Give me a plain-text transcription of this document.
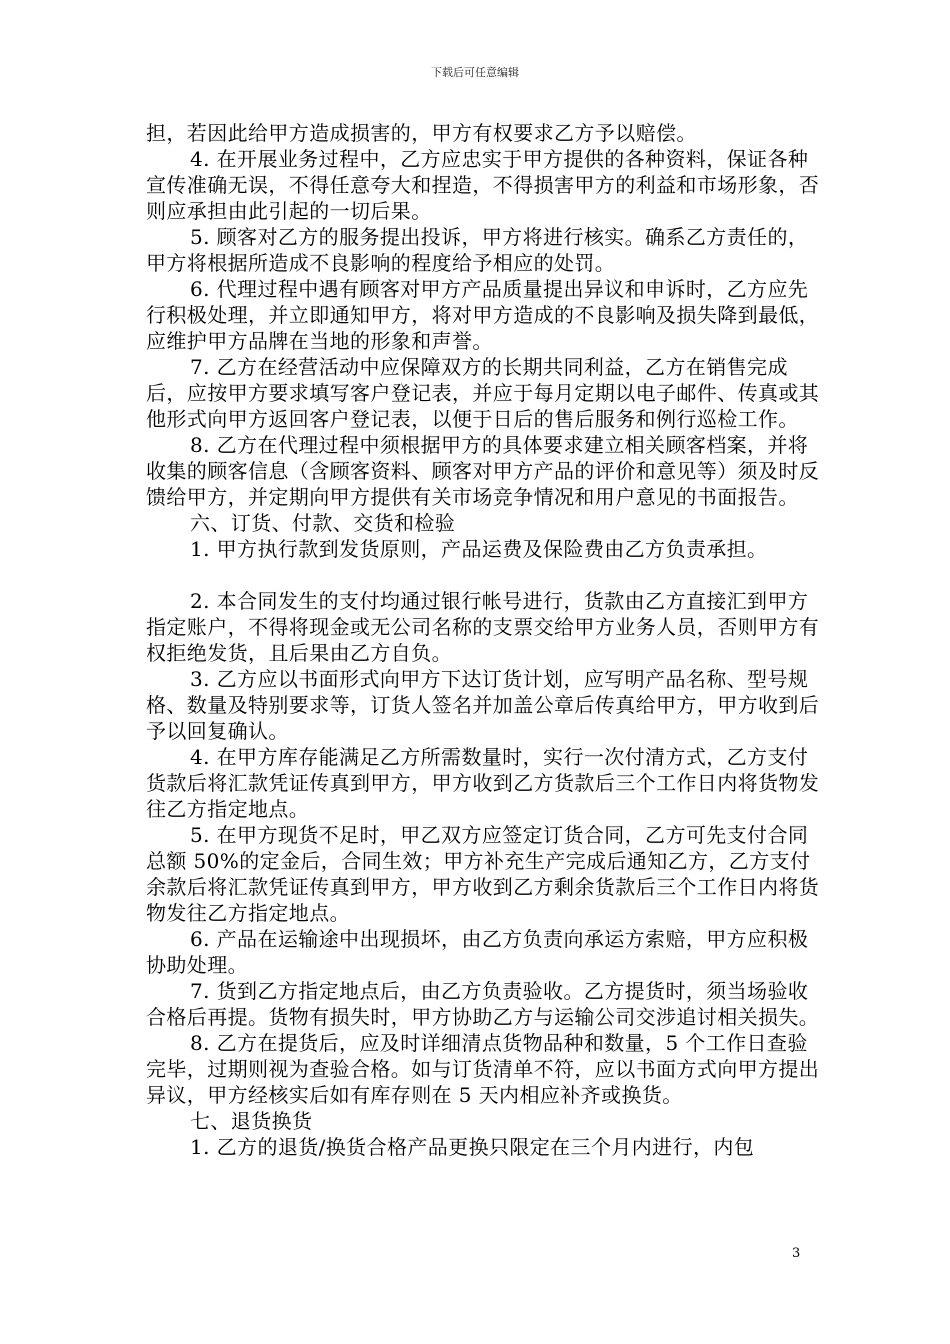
下载后可任意编辑

担，若因此给甲方造成损害的，甲方有权要求乙方予以赔偿。

4. 在开展业务过程中，乙方应忠实于甲方提供的各种资料，保证各种宣传准确无误，不得任意夸大和捏造，不得损害甲方的利益和市场形象，否则应承担由此引起的一切后果。

5. 顾客对乙方的服务提出投诉，甲方将进行核实。确系乙方责任的，甲方将根据所造成不良影响的程度给予相应的处罚。

6. 代理过程中遇有顾客对甲方产品质量提出异议和申诉时，乙方应先行积极处理，并立即通知甲方，将对甲方造成的不良影响及损失降到最低，应维护甲方品牌在当地的形象和声誉。

7. 乙方在经营活动中应保障双方的长期共同利益，乙方在销售完成后，应按甲方要求填写客户登记表，并应于每月定期以电子邮件、传真或其他形式向甲方返回客户登记表，以便于日后的售后服务和例行巡检工作。

8. 乙方在代理过程中须根据甲方的具体要求建立相关顾客档案，并将收集的顾客信息（含顾客资料、顾客对甲方产品的评价和意见等）须及时反馈给甲方，并定期向甲方提供有关市场竞争情况和用户意见的书面报告。

六、订货、付款、交货和检验

1. 甲方执行款到发货原则，产品运费及保险费由乙方负责承担。

2. 本合同发生的支付均通过银行帐号进行，货款由乙方直接汇到甲方指定账户，不得将现金或无公司名称的支票交给甲方业务人员，否则甲方有权拒绝发货，且后果由乙方自负。

3. 乙方应以书面形式向甲方下达订货计划，应写明产品名称、型号规格、数量及特别要求等，订货人签名并加盖公章后传真给甲方，甲方收到后予以回复确认。

4. 在甲方库存能满足乙方所需数量时，实行一次付清方式，乙方支付货款后将汇款凭证传真到甲方，甲方收到乙方货款后三个工作日内将货物发往乙方指定地点。

5. 在甲方现货不足时，甲乙双方应签定订货合同，乙方可先支付合同总额 50%的定金后，合同生效；甲方补充生产完成后通知乙方，乙方支付余款后将汇款凭证传真到甲方，甲方收到乙方剩余货款后三个工作日内将货物发往乙方指定地点。

6. 产品在运输途中出现损坏，由乙方负责向承运方索赔，甲方应积极协助处理。

7. 货到乙方指定地点后，由乙方负责验收。乙方提货时，须当场验收合格后再提。货物有损失时，甲方协助乙方与运输公司交涉追讨相关损失。

8. 乙方在提货后，应及时详细清点货物品种和数量，5 个工作日查验完毕，过期则视为查验合格。如与订货清单不符，应以书面方式向甲方提出异议，甲方经核实后如有库存则在 5 天内相应补齐或换货。

七、退货换货

1. 乙方的退货/换货合格产品更换只限定在三个月内进行，内包

3
